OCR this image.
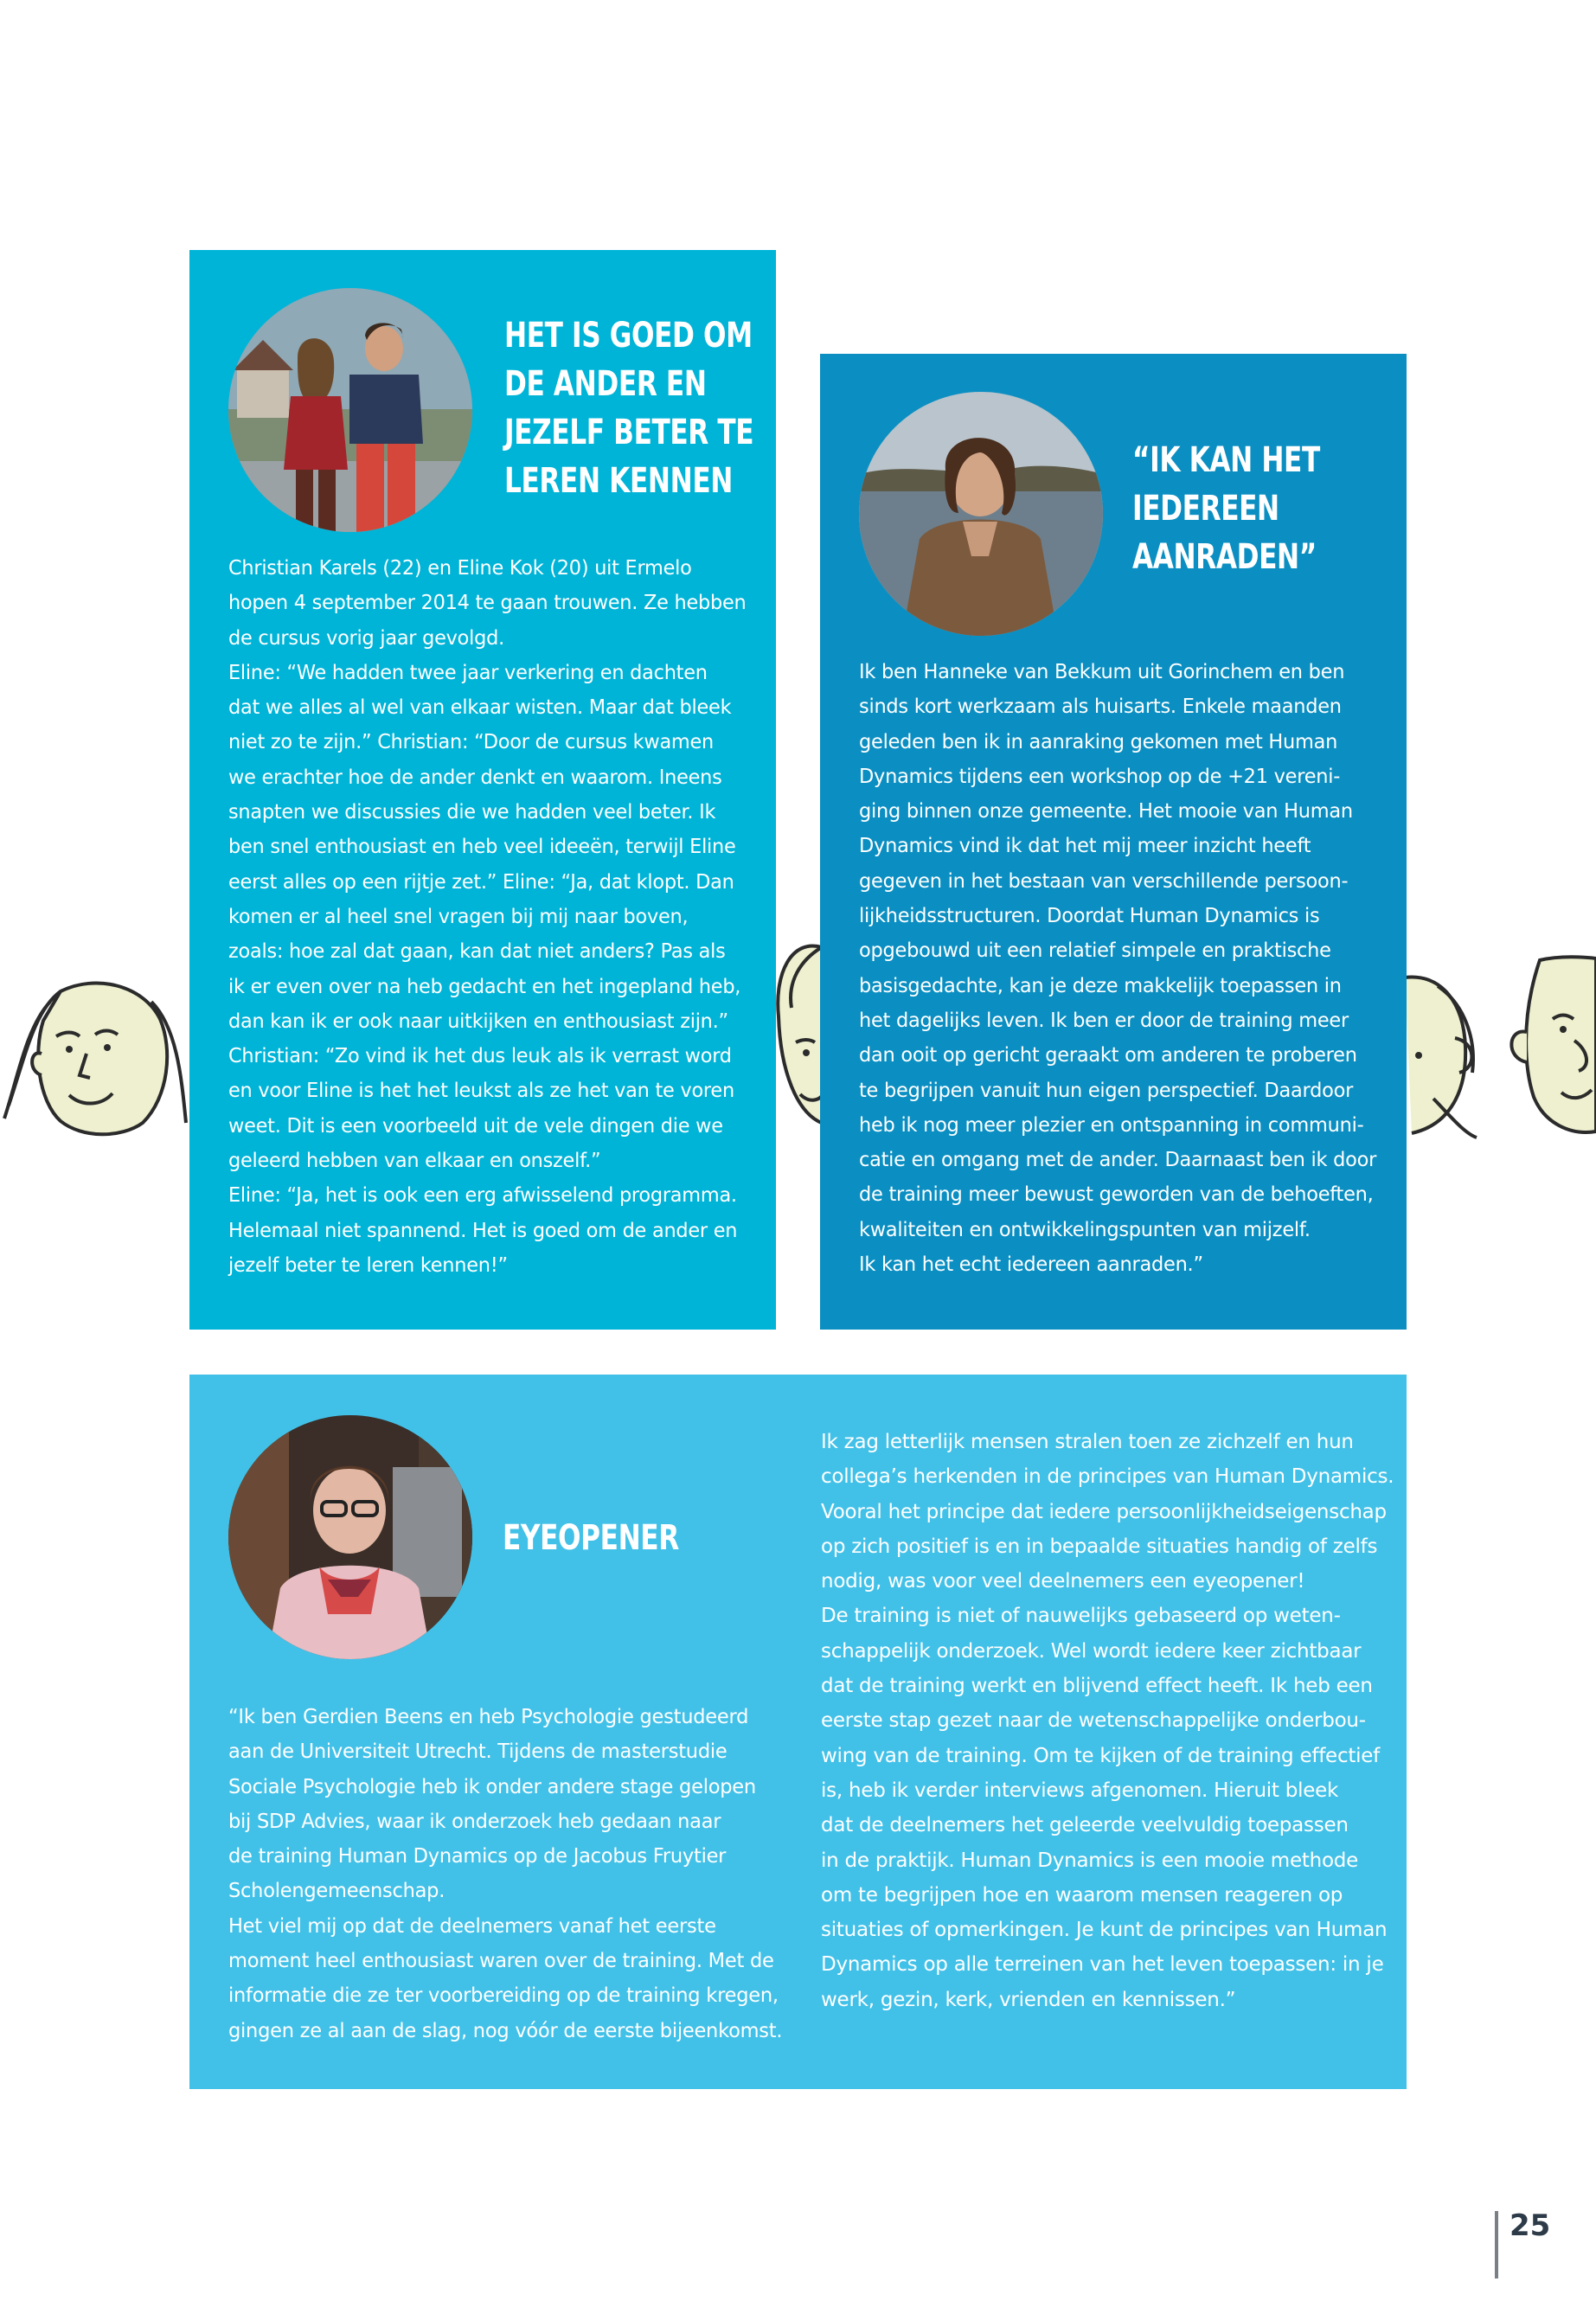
HET IS GOED OM
DE ANDER EN
JEZELF BETER TE
LEREN KENNEN
Christian Karels (22) en Eline Kok (20) uit Ermelo
hopen 4 september 2014 te gaan trouwen. Ze hebben
de cursus vorig jaar gevolgd.
Eline: “We hadden twee jaar verkering en dachten
dat we alles al wel van elkaar wisten. Maar dat bleek
niet zo te zijn.” Christian: “Door de cursus kwamen
we erachter hoe de ander denkt en waarom. Ineens
snapten we discussies die we hadden veel beter. Ik
ben snel enthousiast en heb veel ideeën, terwijl Eline
eerst alles op een rijtje zet.” Eline: “Ja, dat klopt. Dan
komen er al heel snel vragen bij mij naar boven,
zoals: hoe zal dat gaan, kan dat niet anders? Pas als
ik er even over na heb gedacht en het ingepland heb,
dan kan ik er ook naar uitkijken en enthousiast zijn.”
Christian: “Zo vind ik het dus leuk als ik verrast word
en voor Eline is het het leukst als ze het van te voren
weet. Dit is een voorbeeld uit de vele dingen die we
geleerd hebben van elkaar en onszelf.”
Eline: “Ja, het is ook een erg afwisselend programma.
Helemaal niet spannend. Het is goed om de ander en
jezelf beter te leren kennen!”
“IK KAN HET
IEDEREEN
AANRADEN”
Ik ben Hanneke van Bekkum uit Gorinchem en ben
sinds kort werkzaam als huisarts. Enkele maanden
geleden ben ik in aanraking gekomen met Human
Dynamics tijdens een workshop op de +21 vereni-
ging binnen onze gemeente. Het mooie van Human
Dynamics vind ik dat het mij meer inzicht heeft
gegeven in het bestaan van verschillende persoon-
lijkheidsstructuren. Doordat Human Dynamics is
opgebouwd uit een relatief simpele en praktische
basisgedachte, kan je deze makkelijk toepassen in
het dagelijks leven. Ik ben er door de training meer
dan ooit op gericht geraakt om anderen te proberen
te begrijpen vanuit hun eigen perspectief. Daardoor
heb ik nog meer plezier en ontspanning in communi-
catie en omgang met de ander. Daarnaast ben ik door
de training meer bewust geworden van de behoeften,
kwaliteiten en ontwikkelingspunten van mijzelf.
Ik kan het echt iedereen aanraden.”
EYEOPENER
“Ik ben Gerdien Beens en heb Psychologie gestudeerd
aan de Universiteit Utrecht. Tijdens de masterstudie
Sociale Psychologie heb ik onder andere stage gelopen
bij SDP Advies, waar ik onderzoek heb gedaan naar
de training Human Dynamics op de Jacobus Fruytier
Scholengemeenschap.
Het viel mij op dat de deelnemers vanaf het eerste
moment heel enthousiast waren over de training. Met de
informatie die ze ter voorbereiding op de training kregen,
gingen ze al aan de slag, nog vóór de eerste bijeenkomst.
Ik zag letterlijk mensen stralen toen ze zichzelf en hun
collega’s herkenden in de principes van Human Dynamics.
Vooral het principe dat iedere persoonlijkheidseigenschap
op zich positief is en in bepaalde situaties handig of zelfs
nodig, was voor veel deelnemers een eyeopener!
De training is niet of nauwelijks gebaseerd op weten-
schappelijk onderzoek. Wel wordt iedere keer zichtbaar
dat de training werkt en blijvend effect heeft. Ik heb een
eerste stap gezet naar de wetenschappelijke onderbou-
wing van de training. Om te kijken of de training effectief
is, heb ik verder interviews afgenomen. Hieruit bleek
dat de deelnemers het geleerde veelvuldig toepassen
in de praktijk. Human Dynamics is een mooie methode
om te begrijpen hoe en waarom mensen reageren op
situaties of opmerkingen. Je kunt de principes van Human
Dynamics op alle terreinen van het leven toepassen: in je
werk, gezin, kerk, vrienden en kennissen.”
25
